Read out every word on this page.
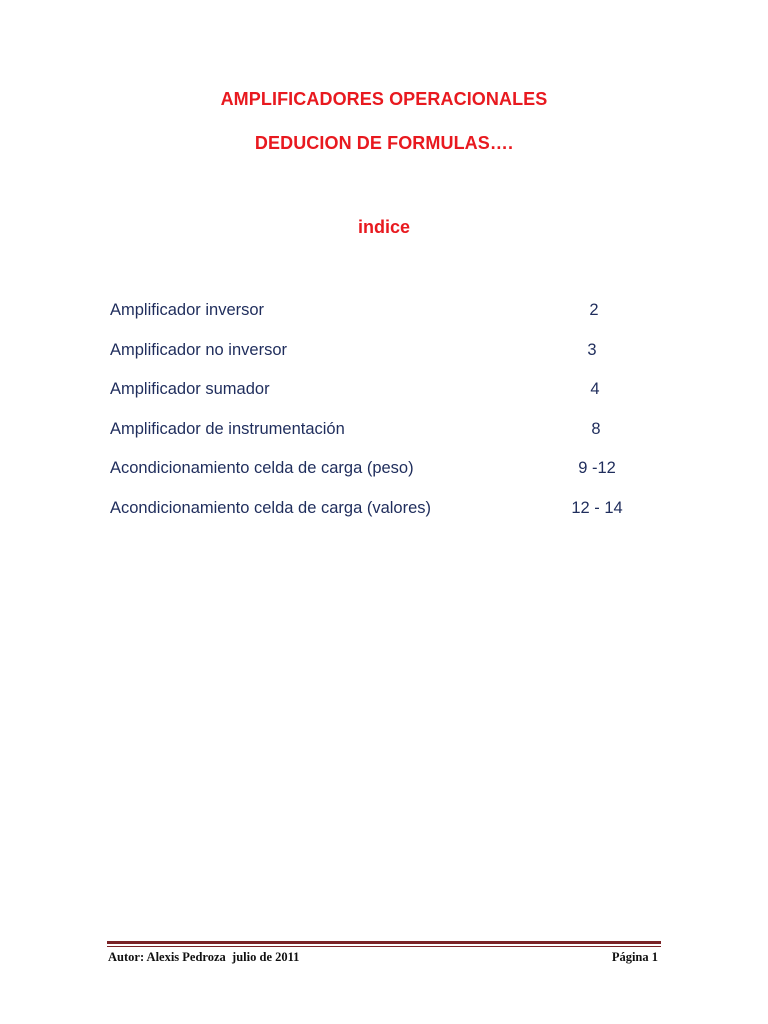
AMPLIFICADORES OPERACIONALES
DEDUCION DE FORMULAS….
indice
Amplificador inversor	2
Amplificador no inversor	3
Amplificador sumador	4
Amplificador de instrumentación	8
Acondicionamiento celda de carga (peso)	9 -12
Acondicionamiento celda de carga (valores)	12 - 14
Autor: Alexis Pedroza  julio de 2011	Página 1
